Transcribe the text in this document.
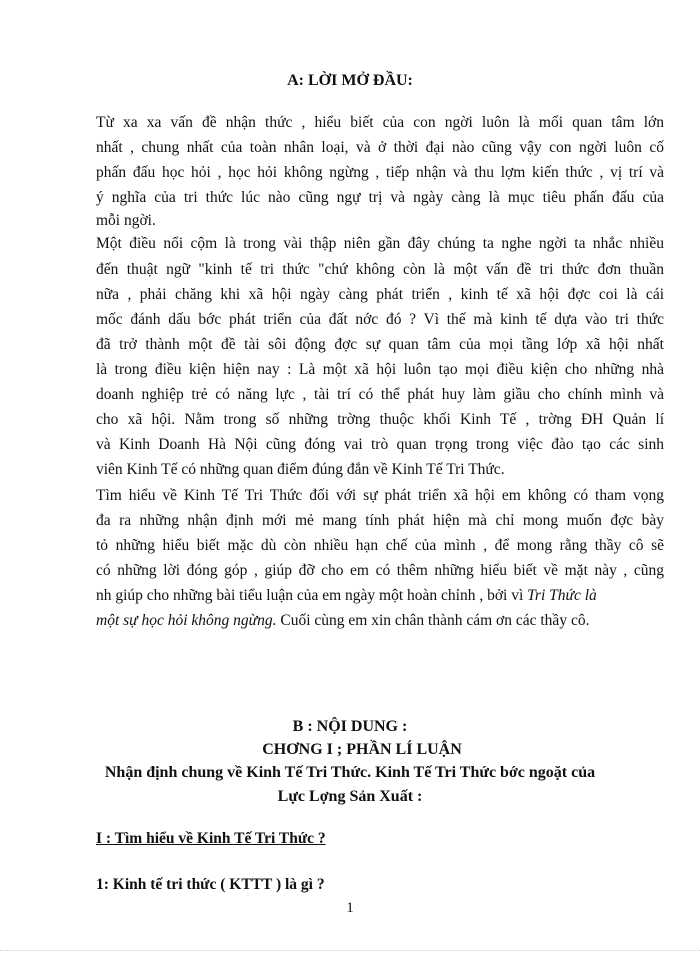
A: LỜI MỞ ĐẦU:
Từ xa xa vấn đề nhận thức , hiểu biết của con ngời luôn là mối quan tâm lớn
nhất , chung nhất của toàn nhân loại, và ở thời đại nào cũng vậy con ngời luôn cố
phấn đấu học hỏi , học hỏi không ngừng , tiếp nhận và thu lợm kiến thức , vị trí và
ý nghĩa của tri thức lúc nào cũng ngự trị và ngày càng là mục tiêu phấn đấu của
mỗi ngời.
Một điều nổi cộm là trong vài thập niên gần đây chúng ta nghe ngời ta nhắc nhiều
đến thuật ngữ "kinh tế tri thức "chứ không còn là một vấn đề tri thức đơn thuần
nữa , phải chăng khi xã hội ngày càng phát triển , kinh tế xã hội đợc coi là cái
mốc đánh dấu bớc phát triển của đất nớc đó ? Vì thế mà kinh tế dựa vào tri thức
đã trở thành một đề tài sôi động đợc sự quan tâm của mọi tầng lớp xã hội nhất
là trong điều kiện hiện nay : Là một xã hội luôn tạo mọi điều kiện cho những nhà
doanh nghiệp trẻ có năng lực , tài trí có thể phát huy làm giầu cho chính mình và
cho xã hội. Nằm trong số những trờng thuộc khối Kinh Tế , trờng ĐH Quản lí
và Kinh Doanh Hà Nội cũng đóng vai trò quan trọng trong việc đào tạo các sinh
viên Kinh Tế có những quan điểm đúng đắn về Kinh Tế Tri Thức.
Tìm hiểu về Kinh Tế Tri Thức đối với sự phát triển xã hội em không có tham vọng
đa ra những nhận định mới mẻ mang tính phát hiện mà chỉ mong muốn đợc bày
tỏ những hiểu biết mặc dù còn nhiều hạn chế của mình , để mong rằng thầy cô sẽ
có những lời đóng góp , giúp đỡ cho em có thêm những hiểu biết về mặt này , cũng
nh giúp cho những bài tiểu luận của em ngày một hoàn chỉnh , bởi vì Tri Thức là
một sự học hỏi không ngừng. Cuối cùng em xin chân thành cám ơn các thầy cô.
B : NỘI DUNG :
CHƠNG I ; PHẦN LÍ LUẬN
Nhận định chung về Kinh Tế Tri Thức. Kinh Tế Tri Thức bớc ngoặt của
Lực Lợng Sản Xuất :
I : Tìm hiểu về Kinh Tế Tri Thức ?
1: Kinh tế tri thức ( KTTT ) là gì ?
1
